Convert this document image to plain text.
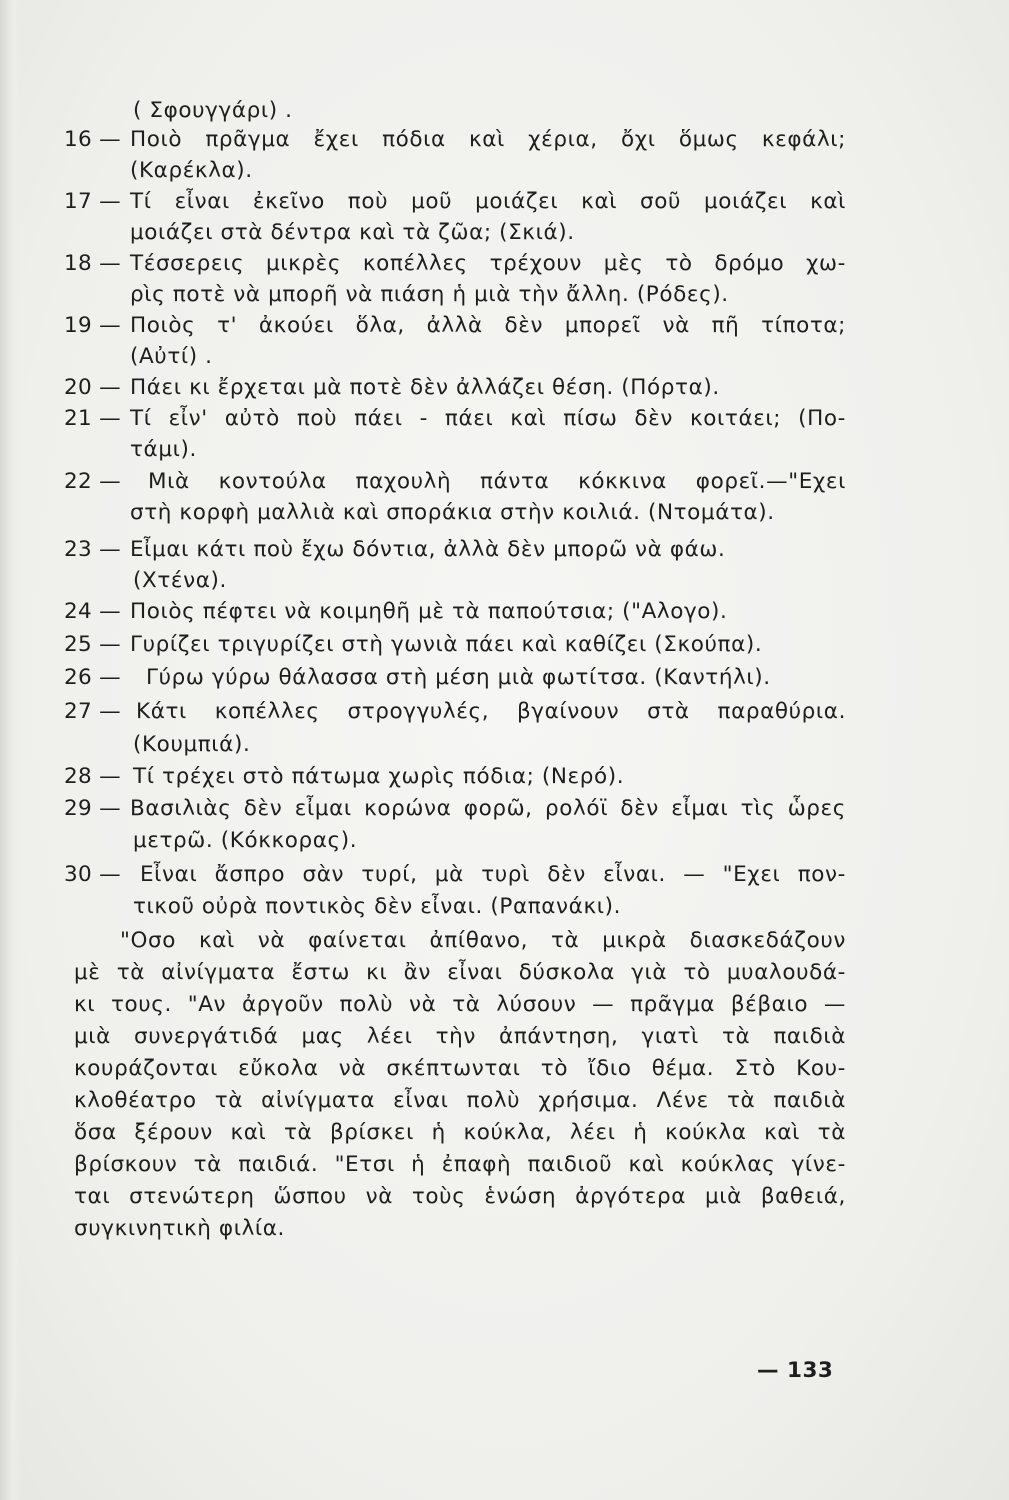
( Σφουγγάρι) .
16 — Ποιὸ πρᾶγμα ἔχει πόδια καὶ χέρια, ὄχι ὅμως κεφάλι;
(Καρέκλα).
17 — Τί εἶναι ἐκεῖνο ποὺ μοῦ μοιάζει καὶ σοῦ μοιάζει καὶ
μοιάζει στὰ δέντρα καὶ τὰ ζῶα; (Σκιά).
18 — Τέσσερεις μικρὲς κοπέλλες τρέχουν μὲς τὸ δρόμο χω-
ρὶς ποτὲ νὰ μπορῆ νὰ πιάση ἡ μιὰ τὴν ἄλλη. (Ρόδες).
19 — Ποιὸς τ' ἀκούει ὅλα, ἀλλὰ δὲν μπορεῖ νὰ πῆ τίποτα;
(Αὐτί) .
20 — Πάει κι ἔρχεται μὰ ποτὲ δὲν ἀλλάζει θέση. (Πόρτα).
21 — Τί εἶν' αὐτὸ ποὺ πάει - πάει καὶ πίσω δὲν κοιτάει; (Πο-
τάμι).
22 — Μιὰ κοντούλα παχουλὴ πάντα κόκκινα φορεῖ.—"Εχει
στὴ κορφὴ μαλλιὰ καὶ σποράκια στὴν κοιλιά. (Ντομάτα).
23 — Εἶμαι κάτι ποὺ ἔχω δόντια, ἀλλὰ δὲν μπορῶ νὰ φάω.
(Χτένα).
24 — Ποιὸς πέφτει νὰ κοιμηθῆ μὲ τὰ παπούτσια; ("Αλογο).
25 — Γυρίζει τριγυρίζει στὴ γωνιὰ πάει καὶ καθίζει (Σκούπα).
26 — Γύρω γύρω θάλασσα στὴ μέση μιὰ φωτίτσα. (Καντήλι).
27 — Κάτι κοπέλλες στρογγυλές, βγαίνουν στὰ παραθύρια.
(Κουμπιά).
28 — Τί τρέχει στὸ πάτωμα χωρὶς πόδια; (Νερό).
29 — Βασιλιὰς δὲν εἶμαι κορώνα φορῶ, ρολόϊ δὲν εἶμαι τὶς ὧρες
μετρῶ. (Κόκκορας).
30 — Εἶναι ἄσπρο σὰν τυρί, μὰ τυρὶ δὲν εἶναι. — "Εχει πον-
τικοῦ οὐρὰ ποντικὸς δὲν εἶναι. (Ραπανάκι).
"Οσο καὶ νὰ φαίνεται ἀπίθανο, τὰ μικρὰ διασκεδάζουν
μὲ τὰ αἰνίγματα ἔστω κι ἂν εἶναι δύσκολα γιὰ τὸ μυαλουδά-
κι τους. "Αν ἀργοῦν πολὺ νὰ τὰ λύσουν — πρᾶγμα βέβαιο —
μιὰ συνεργάτιδά μας λέει τὴν ἀπάντηση, γιατὶ τὰ παιδιὰ
κουράζονται εὔκολα νὰ σκέπτωνται τὸ ἴδιο θέμα. Στὸ Κου-
κλοθέατρο τὰ αἰνίγματα εἶναι πολὺ χρήσιμα. Λένε τὰ παιδιὰ
ὅσα ξέρουν καὶ τὰ βρίσκει ἡ κούκλα, λέει ἡ κούκλα καὶ τὰ
βρίσκουν τὰ παιδιά. "Ετσι ἡ ἐπαφὴ παιδιοῦ καὶ κούκλας γίνε-
ται στενώτερη ὥσπου νὰ τοὺς ἑνώση ἀργότερα μιὰ βαθειά,
συγκινητικὴ φιλία.
— 133
